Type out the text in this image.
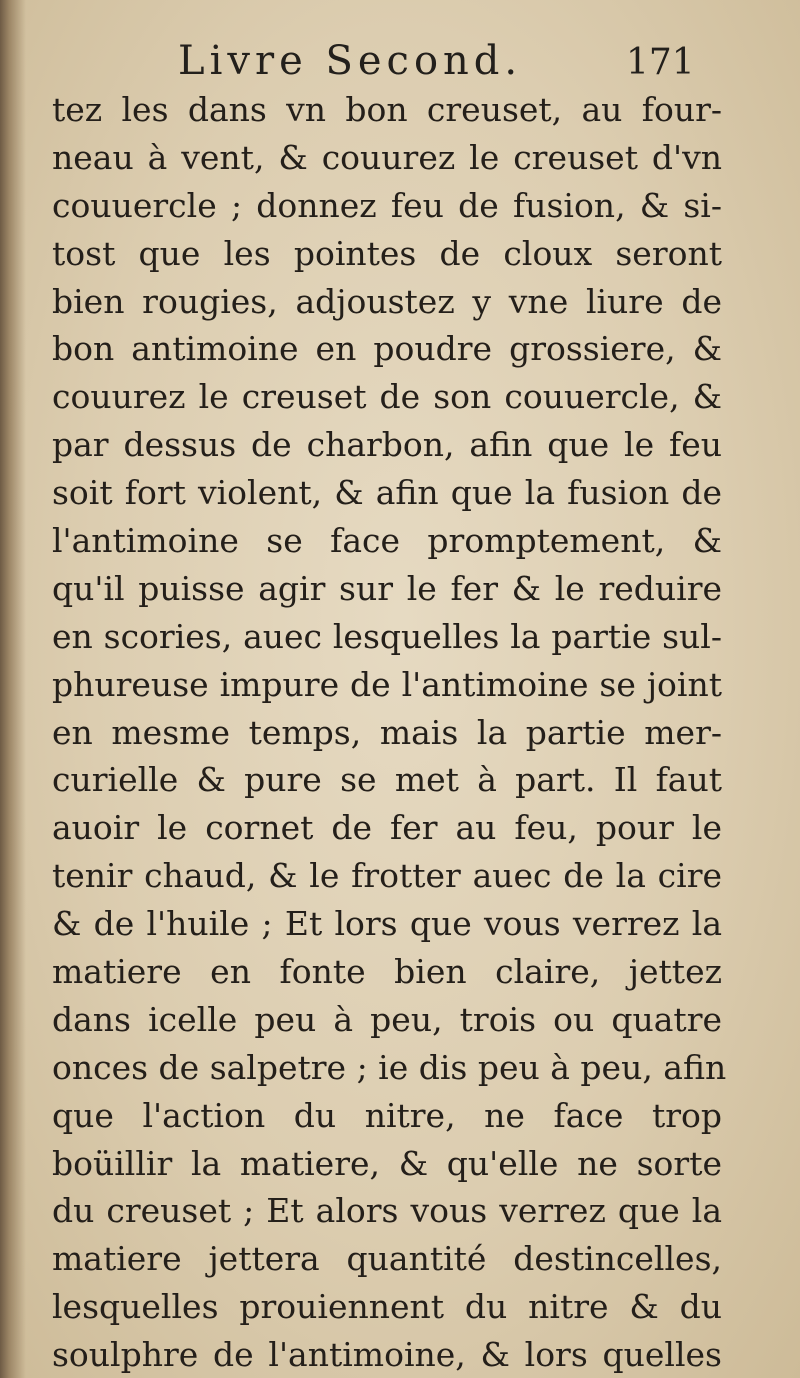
Livre Second.	171
tez les dans vn bon creuset, au four-
neau à vent, & couurez le creuset d'vn
couuercle ; donnez feu de fusion, & si-
tost que les pointes de cloux seront
bien rougies, adjoustez y vne liure de
bon antimoine en poudre grossiere, &
couurez le creuset de son couuercle, &
par dessus de charbon, afin que le feu
soit fort violent, & afin que la fusion de
l'antimoine se face promptement, &
qu'il puisse agir sur le fer & le reduire
en scories, auec lesquelles la partie sul-
phureuse impure de l'antimoine se joint
en mesme temps, mais la partie mer-
curielle & pure se met à part. Il faut
auoir le cornet de fer au feu, pour le
tenir chaud, & le frotter auec de la cire
& de l'huile ; Et lors que vous verrez la
matiere en fonte bien claire, jettez
dans icelle peu à peu, trois ou quatre
onces de salpetre ; ie dis peu à peu, afin
que l'action du nitre, ne face trop
boüillir la matiere, & qu'elle ne sorte
du creuset ; Et alors vous verrez que la
matiere jettera quantité destincelles,
lesquelles prouiennent du nitre & du
soulphre de l'antimoine, & lors quelles
